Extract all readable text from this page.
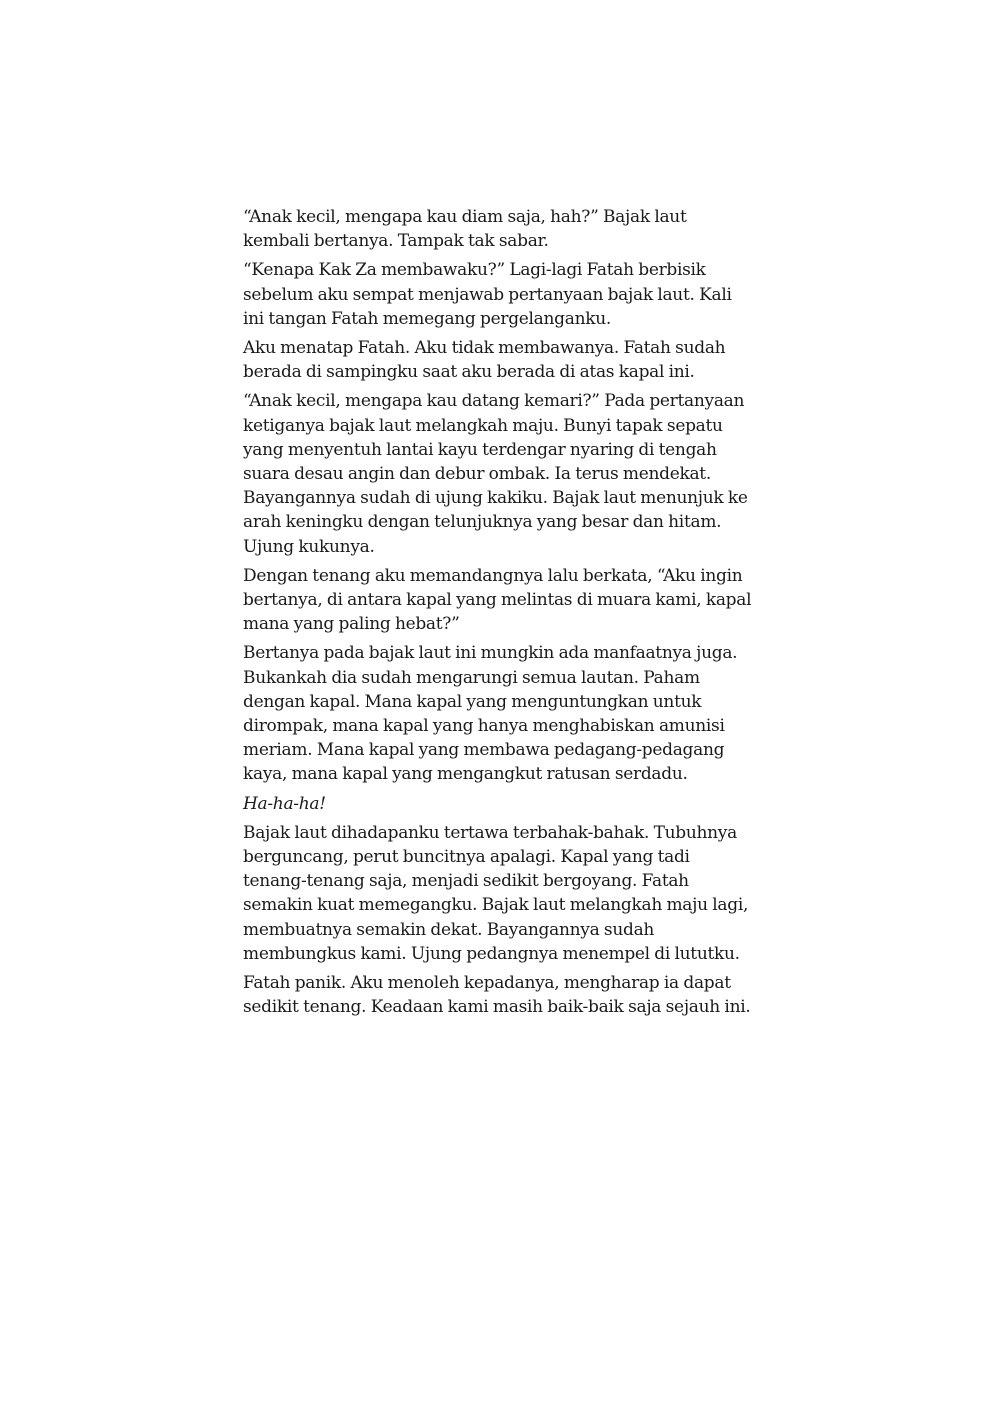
“Anak kecil, mengapa kau diam saja, hah?” Bajak laut kembali bertanya. Tampak tak sabar.

“Kenapa Kak Za membawaku?” Lagi-lagi Fatah berbisik sebelum aku sempat menjawab pertanyaan bajak laut. Kali ini tangan Fatah memegang pergelanganku.

Aku menatap Fatah. Aku tidak membawanya. Fatah sudah berada di sampingku saat aku berada di atas kapal ini.

“Anak kecil, mengapa kau datang kemari?” Pada pertanyaan ketiganya bajak laut melangkah maju. Bunyi tapak sepatu yang menyentuh lantai kayu terdengar nyaring di tengah suara desau angin dan debur ombak. Ia terus mendekat. Bayangannya sudah di ujung kakiku. Bajak laut menunjuk ke arah keningku dengan telunjuknya yang besar dan hitam. Ujung kukunya.

Dengan tenang aku memandangnya lalu berkata, “Aku ingin bertanya, di antara kapal yang melintas di muara kami, kapal mana yang paling hebat?”

Bertanya pada bajak laut ini mungkin ada manfaatnya juga. Bukankah dia sudah mengarungi semua lautan. Paham dengan kapal. Mana kapal yang menguntungkan untuk dirompak, mana kapal yang hanya menghabiskan amunisi meriam. Mana kapal yang membawa pedagang-pedagang kaya, mana kapal yang mengangkut ratusan serdadu.

Ha-ha-ha!

Bajak laut dihadapanku tertawa terbahak-bahak. Tubuhnya berguncang, perut buncitnya apalagi. Kapal yang tadi tenang-tenang saja, menjadi sedikit bergoyang. Fatah semakin kuat memegangku. Bajak laut melangkah maju lagi, membuatnya semakin dekat. Bayangannya sudah membungkus kami. Ujung pedangnya menempel di lututku.

Fatah panik. Aku menoleh kepadanya, mengharap ia dapat sedikit tenang. Keadaan kami masih baik-baik saja sejauh ini.
